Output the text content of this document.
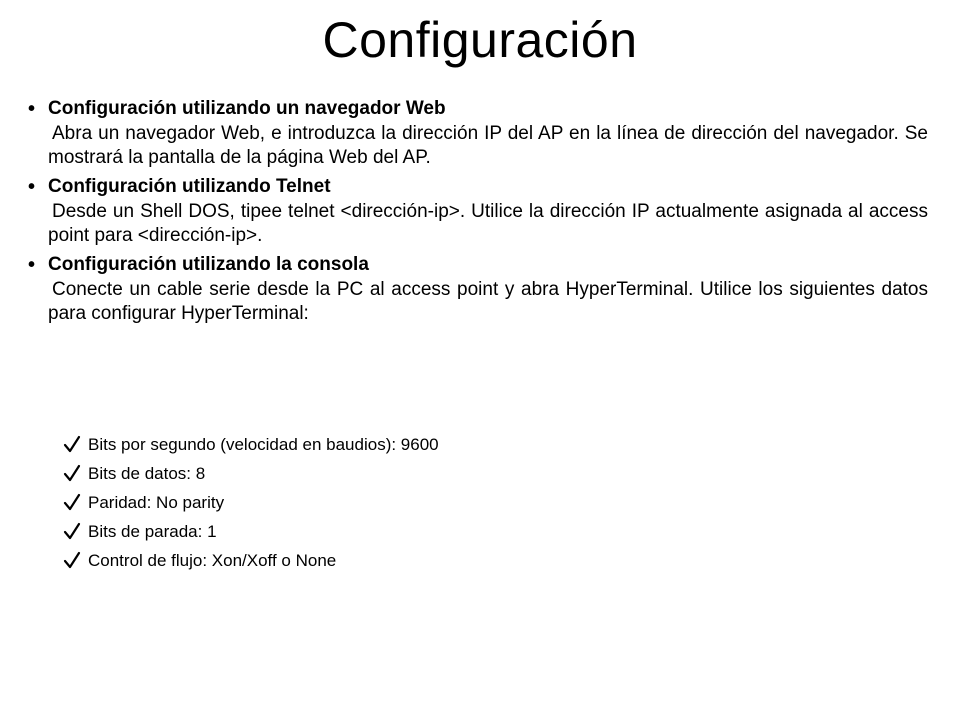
Configuración
• Configuración utilizando un navegador Web
Abra un navegador Web, e introduzca la dirección IP del AP en la línea de dirección del navegador. Se mostrará la pantalla de la página Web del AP.
• Configuración utilizando Telnet
Desde un Shell DOS, tipee telnet <dirección-ip>. Utilice la dirección IP actualmente asignada al access point para <dirección-ip>.
• Configuración utilizando la consola
Conecte un cable serie desde la PC al access point y abra HyperTerminal. Utilice los siguientes datos para configurar HyperTerminal:
Bits por segundo (velocidad en baudios): 9600
Bits de datos: 8
Paridad: No parity
Bits de parada: 1
Control de flujo: Xon/Xoff o None
